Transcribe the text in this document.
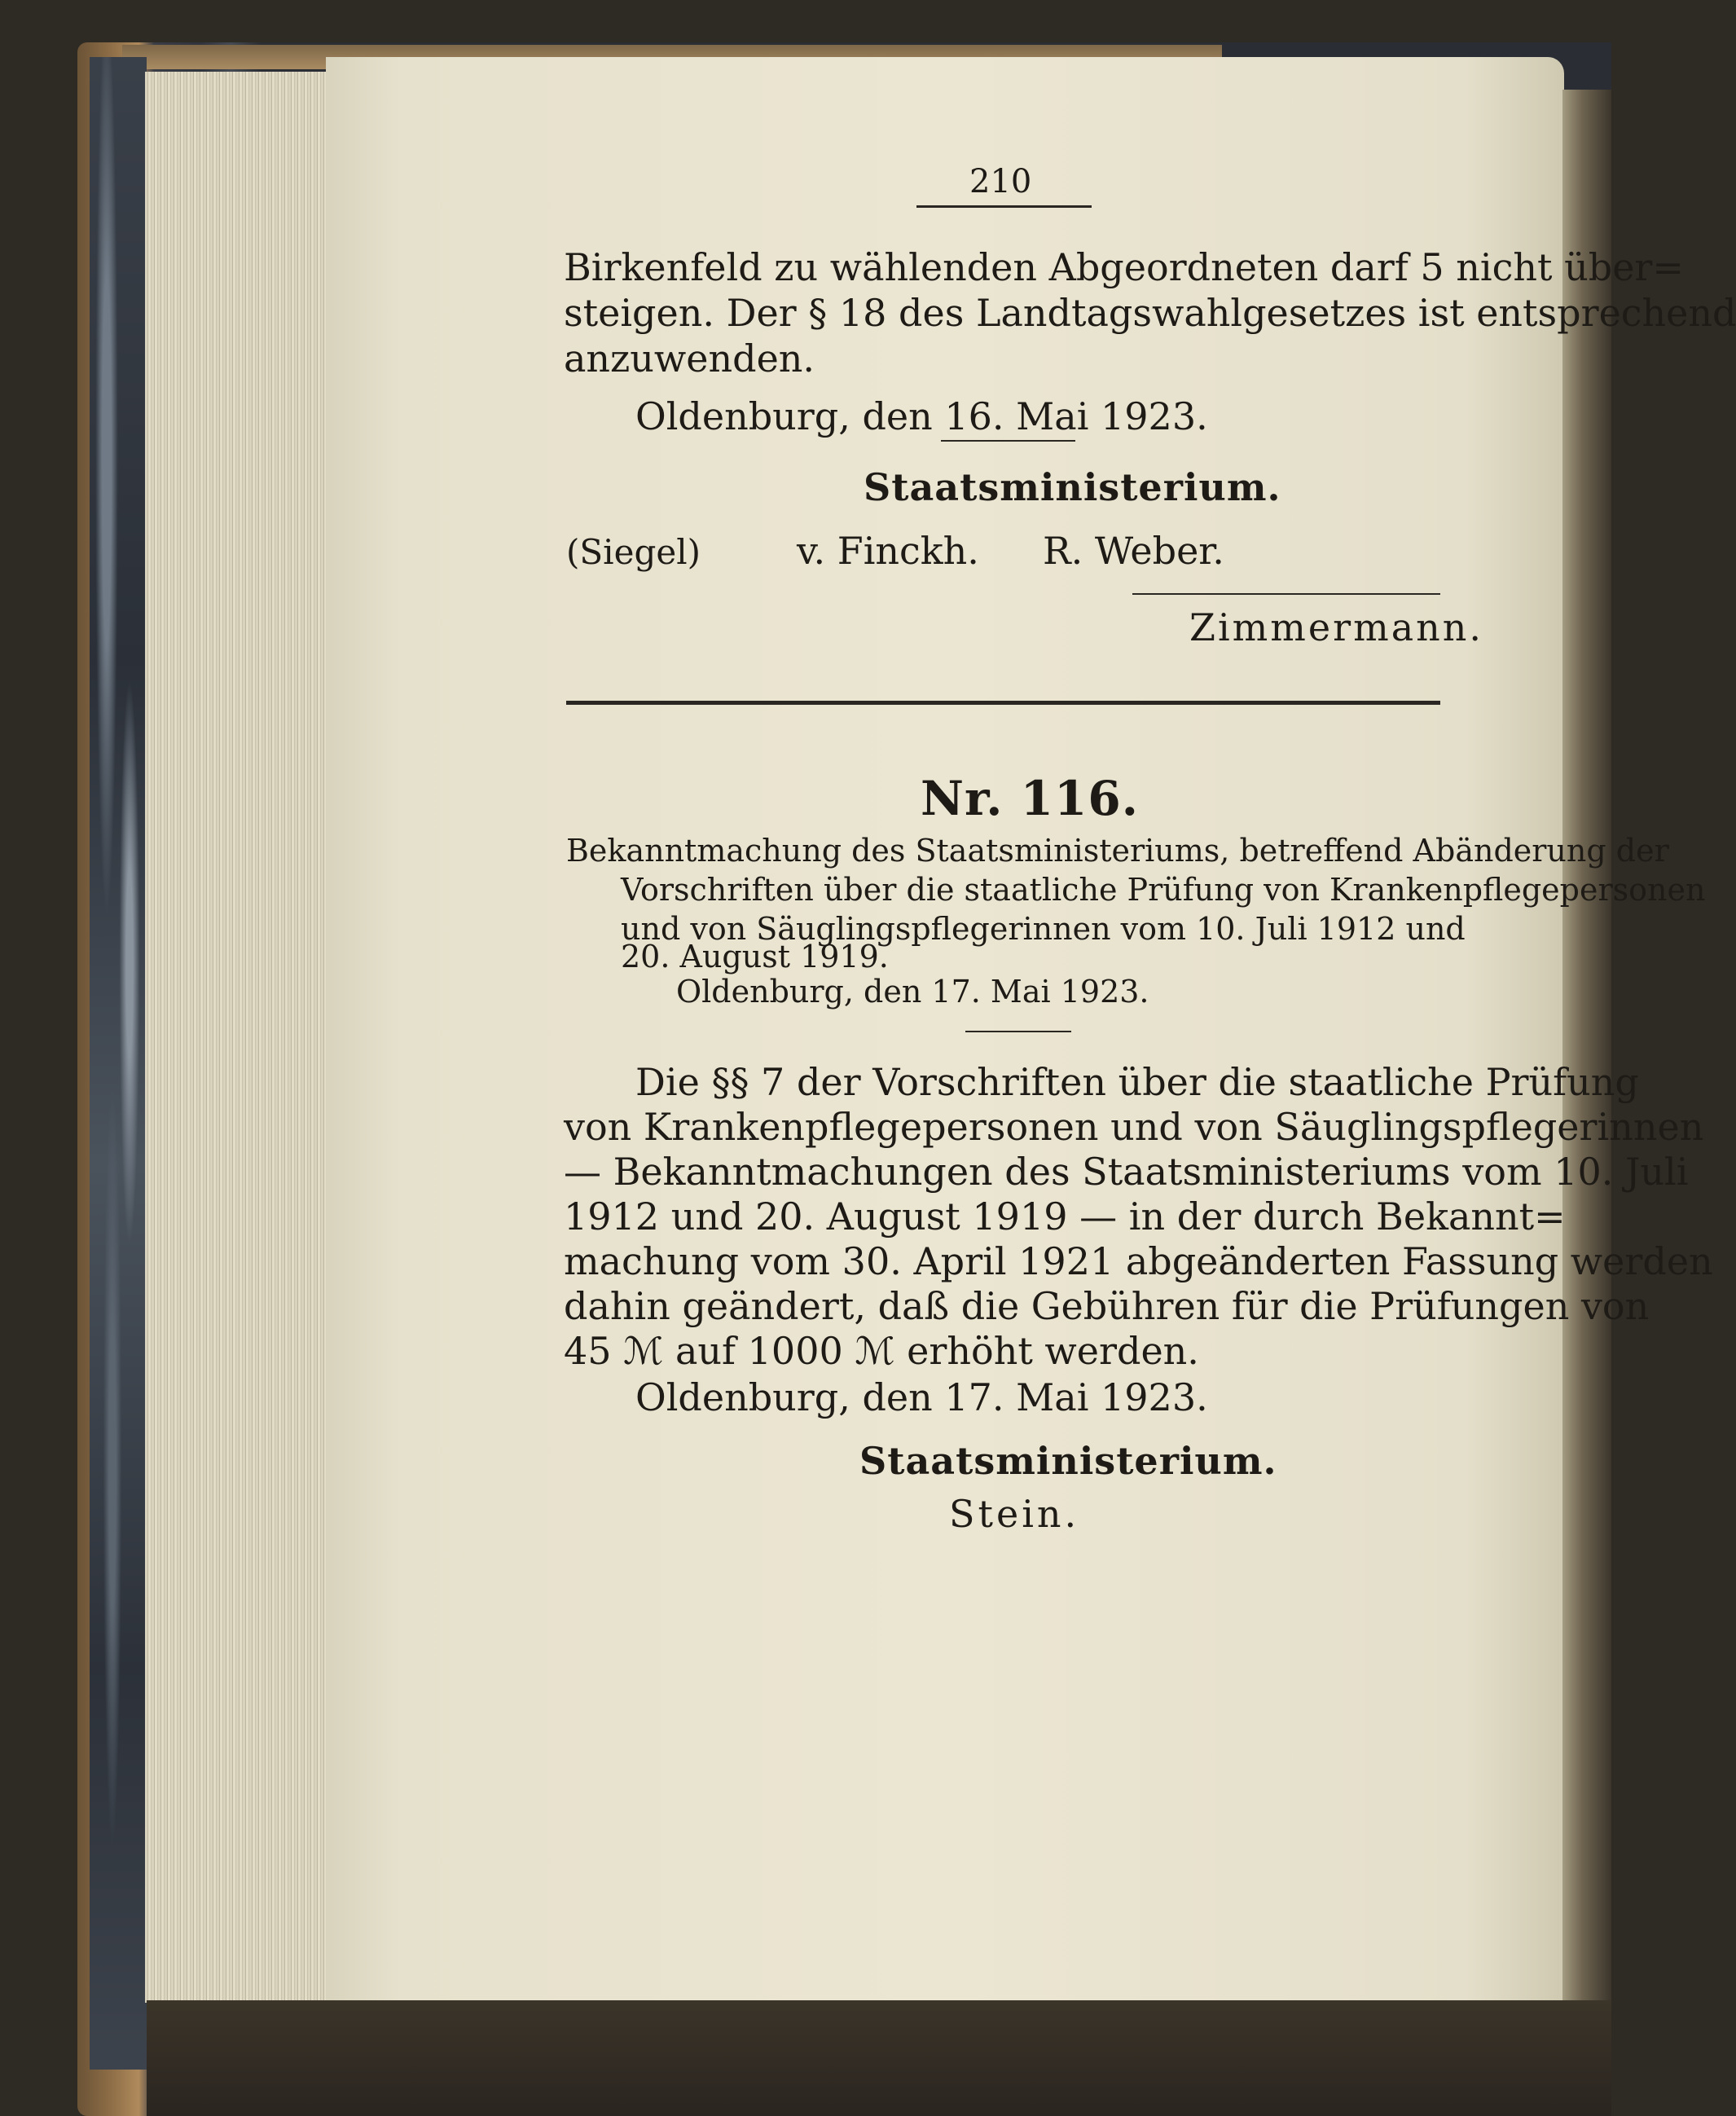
210
Birkenfeld zu wählenden Abgeordneten darf 5 nicht über=
steigen. Der § 18 des Landtagswahlgesetzes ist entsprechend
anzuwenden.
Oldenburg, den 16. Mai 1923.
Staatsministerium.
(Siegel)	v. Finckh. R. Weber.
Zimmermann.
Nr. 116.
Bekanntmachung des Staatsministeriums, betreffend Abänderung der
Vorschriften über die staatliche Prüfung von Krankenpflegepersonen
und von Säuglingspflegerinnen vom 10. Juli 1912 und
20. August 1919.
Oldenburg, den 17. Mai 1923.
Die §§ 7 der Vorschriften über die staatliche Prüfung
von Krankenpflegepersonen und von Säuglingspflegerinnen
— Bekanntmachungen des Staatsministeriums vom 10. Juli
1912 und 20. August 1919 — in der durch Bekannt=
machung vom 30. April 1921 abgeänderten Fassung werden
dahin geändert, daß die Gebühren für die Prüfungen von
45 ℳ auf 1000 ℳ erhöht werden.
Oldenburg, den 17. Mai 1923.
Staatsministerium.
Stein.
